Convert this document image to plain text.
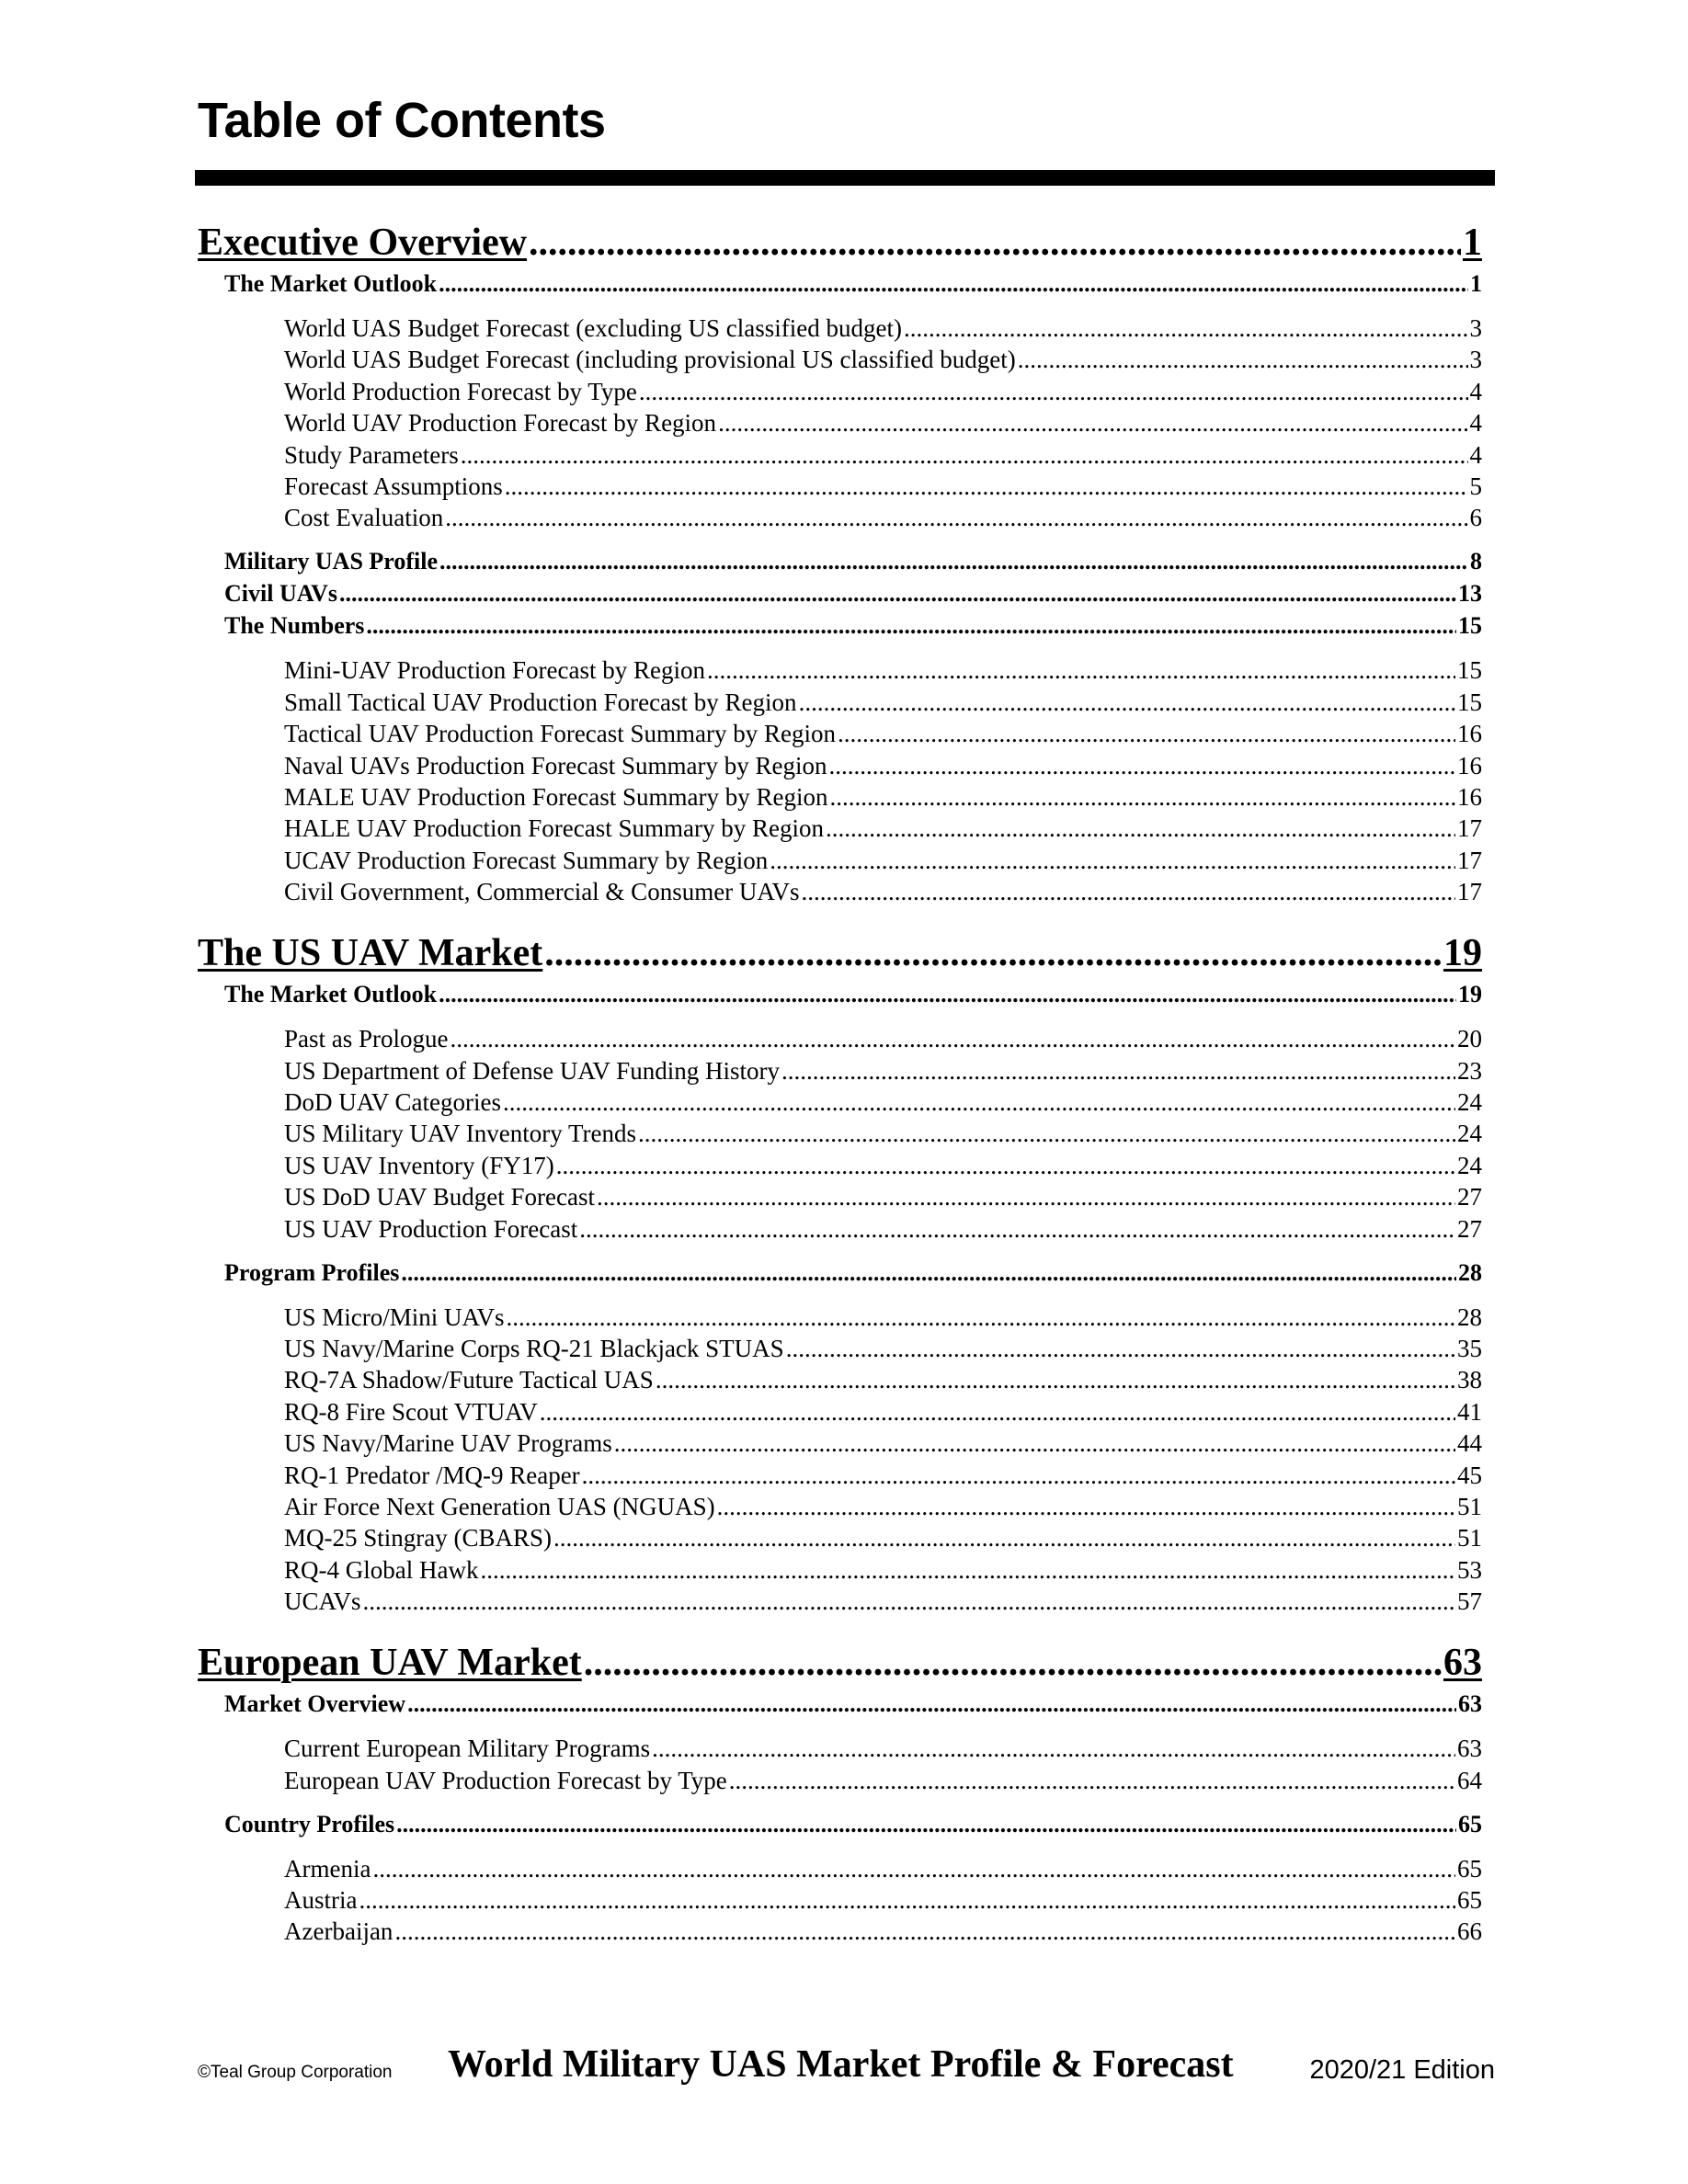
Table of Contents
Executive Overview .....	1
The Market Outlook .....	1
World UAS Budget Forecast (excluding US classified budget) .....	3
World UAS Budget Forecast (including provisional US classified budget) .....	3
World Production Forecast by Type .....	4
World UAV Production Forecast by Region .....	4
Study Parameters .....	4
Forecast Assumptions .....	5
Cost Evaluation .....	6
Military UAS Profile .....	8
Civil UAVs .....	13
The Numbers .....	15
Mini-UAV Production Forecast by Region .....	15
Small Tactical UAV Production Forecast by Region .....	15
Tactical UAV Production Forecast Summary by Region .....	16
Naval UAVs Production Forecast Summary by Region .....	16
MALE UAV Production Forecast Summary by Region .....	16
HALE UAV Production Forecast Summary by Region .....	17
UCAV Production Forecast Summary by Region .....	17
Civil Government, Commercial & Consumer UAVs .....	17
The US UAV Market .....	19
The Market Outlook .....	19
Past as Prologue .....	20
US Department of Defense UAV Funding History .....	23
DoD UAV Categories .....	24
US Military UAV Inventory Trends .....	24
US UAV Inventory (FY17) .....	24
US DoD UAV Budget Forecast .....	27
US UAV Production Forecast .....	27
Program Profiles .....	28
US Micro/Mini UAVs .....	28
US Navy/Marine Corps RQ-21 Blackjack STUAS .....	35
RQ-7A Shadow/Future Tactical UAS .....	38
RQ-8 Fire Scout VTUAV .....	41
US Navy/Marine UAV Programs .....	44
RQ-1 Predator /MQ-9 Reaper .....	45
Air Force Next Generation UAS (NGUAS) .....	51
MQ-25 Stingray (CBARS) .....	51
RQ-4 Global Hawk .....	53
UCAVs .....	57
European UAV Market .....	63
Market Overview .....	63
Current European Military Programs .....	63
European UAV Production Forecast by Type .....	64
Country Profiles .....	65
Armenia .....	65
Austria .....	65
Azerbaijan .....	66
©Teal Group Corporation World Military UAS Market Profile & Forecast	2020/21 Edition
